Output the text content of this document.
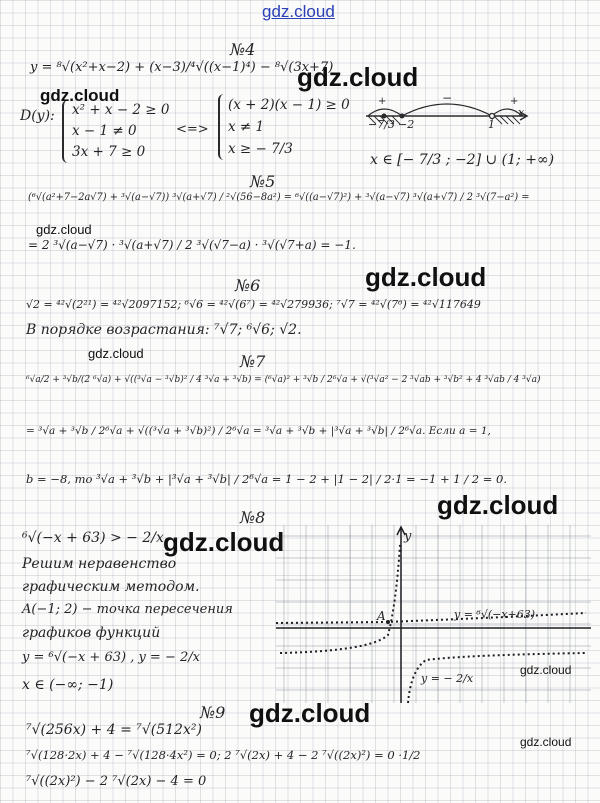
gdz.cloud
№4
y = ⁸√(x²+x−2) + (x−3)/⁴√((x−1)⁴) − ⁸√(3x+7)
D(y): x² + x − 2 ≥ 0
x − 1 ≠ 0
3x + 7 ≥ 0
<=>
(x + 2)(x − 1) ≥ 0
x ≠ 1
x ≥ − 7/3
+	−	+
−7/3 −2	1
x
x ∈ [− 7/3 ; −2] ∪ (1; +∞)
№5
(⁶√(a²+7−2a√7) + ³√(a−√7)) ³√(a+√7) / ²√(56−8a²) = ⁶√((a−√7)²) + ³√(a−√7) ³√(a+√7) / 2 ³√(7−a²) =
= 2 ³√(a−√7) · ³√(a+√7) / 2 ³√(√7−a) · ³√(√7+a) = −1.
№6
√2 = ⁴²√(2²¹) = ⁴²√2097152; ⁶√6 = ⁴²√(6⁷) = ⁴²√279936; ⁷√7 = ⁴²√(7⁶) = ⁴²√117649
В порядке возрастания: ⁷√7; ⁶√6; √2.
№7
⁶√a/2 + ³√b/(2 ⁶√a) + √((³√a − ³√b)² / 4 ³√a + ³√b) = (⁶√a)² + ³√b / 2⁶√a + √(³√a² − 2 ³√ab + ³√b² + 4 ³√ab / 4 ³√a)
= ³√a + ³√b / 2⁶√a + √((³√a + ³√b)²) / 2⁶√a = ³√a + ³√b + |³√a + ³√b| / 2⁶√a. Если a = 1,
b = −8, то ³√a + ³√b + |³√a + ³√b| / 2⁶√a = 1 − 2 + |1 − 2| / 2·1 = −1 + 1 / 2 = 0.
№8
⁶√(−x + 63) > − 2/x
Решим неравенство
графическим методом.
A(−1; 2) − точка пересечения
графиков функций
y = ⁶√(−x + 63) , y = − 2/x
x ∈ (−∞; −1)
y
A	y = ⁶√(−x+63)
y = − 2/x
№9
⁷√(256x) + 4 = ⁷√(512x²)
⁷√(128·2x) + 4 − ⁷√(128·4x²) = 0; 2 ⁷√(2x) + 4 − 2 ⁷√((2x)²) = 0 ·1/2
⁷√((2x)²) − 2 ⁷√(2x) − 4 = 0
gdz.cloud
gdz.cloud
gdz.cloud
gdz.cloud
gdz.cloud
gdz.cloud
gdz.cloud
gdz.cloud
gdz.cloud
gdz.cloud
